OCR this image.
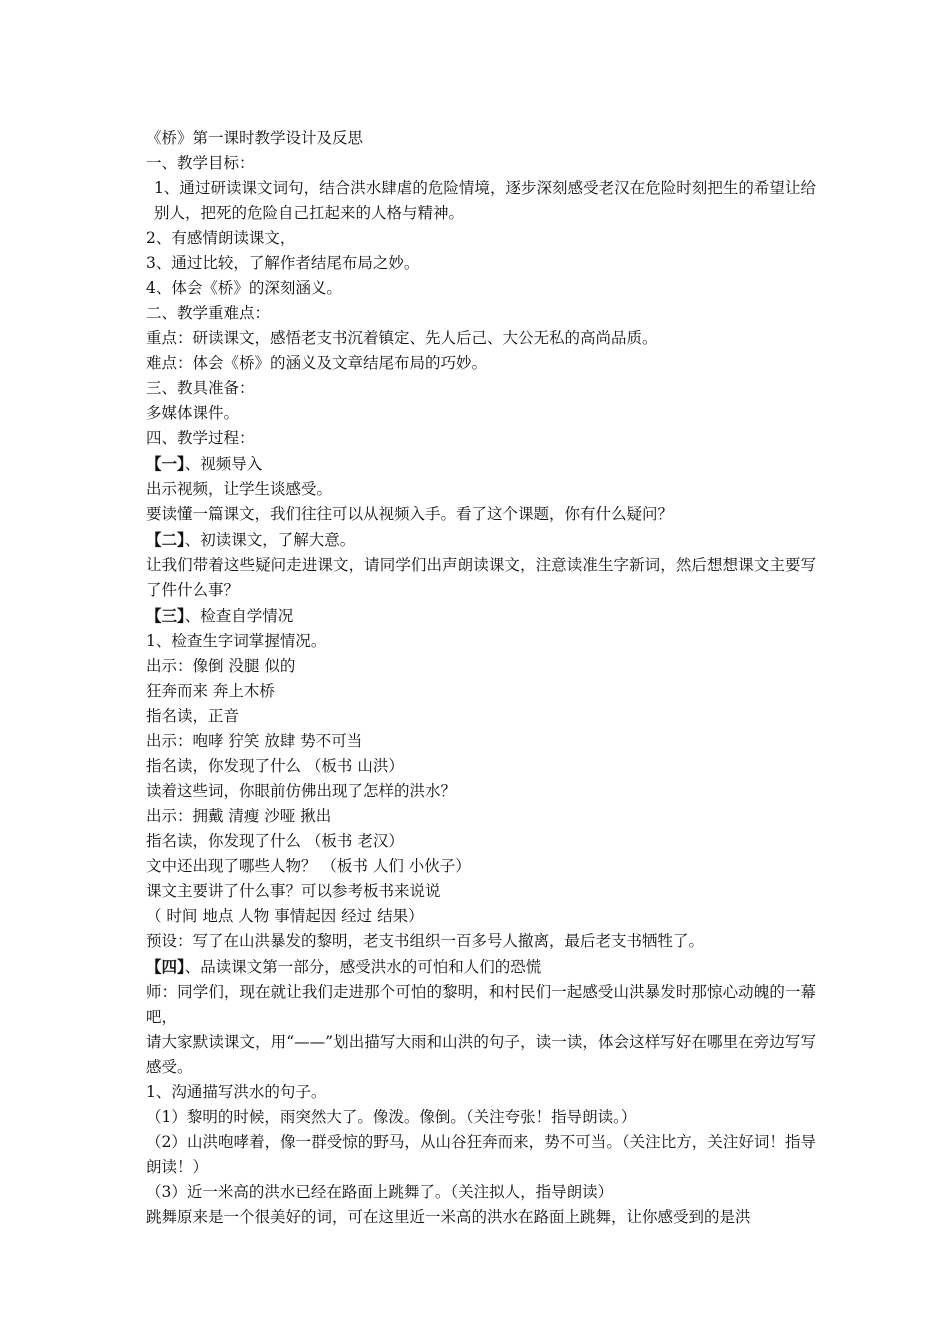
《桥》第一课时教学设计及反思

一、教学目标：

1、通过研读课文词句，结合洪水肆虐的危险情境，逐步深刻感受老汉在危险时刻把生的希望让给别人，把死的危险自己扛起来的人格与精神。

2、有感情朗读课文，

3、通过比较，了解作者结尾布局之妙。

4、体会《桥》的深刻涵义。

二、教学重难点：

重点：研读课文，感悟老支书沉着镇定、先人后己、大公无私的高尚品质。

难点：体会《桥》的涵义及文章结尾布局的巧妙。

三、教具准备：

多媒体课件。

四、教学过程：

【一】、视频导入

出示视频，让学生谈感受。

要读懂一篇课文，我们往往可以从视频入手。看了这个课题，你有什么疑问？

【二】、初读课文，了解大意。

让我们带着这些疑问走进课文，请同学们出声朗读课文，注意读准生字新词，然后想想课文主要写了件什么事？

【三】、检查自学情况

1、检查生字词掌握情况。

出示：像倒 没腿 似的

狂奔而来 奔上木桥

指名读，正音

出示：咆哮 狞笑 放肆 势不可当

指名读，你发现了什么 （板书 山洪）

读着这些词，你眼前仿佛出现了怎样的洪水？

出示：拥戴 清瘦 沙哑 揪出

指名读，你发现了什么 （板书 老汉）

文中还出现了哪些人物？ （板书 人们 小伙子）

课文主要讲了什么事？可以参考板书来说说

（ 时间 地点 人物 事情起因 经过 结果）

预设：写了在山洪暴发的黎明，老支书组织一百多号人撤离，最后老支书牺牲了。

【四】、品读课文第一部分，感受洪水的可怕和人们的恐慌

师：同学们，现在就让我们走进那个可怕的黎明，和村民们一起感受山洪暴发时那惊心动魄的一幕吧，

请大家默读课文，用“——”划出描写大雨和山洪的句子，读一读，体会这样写好在哪里在旁边写写感受。

1、沟通描写洪水的句子。

（1）黎明的时候，雨突然大了。像泼。像倒。（关注夸张！指导朗读。）

（2）山洪咆哮着，像一群受惊的野马，从山谷狂奔而来，势不可当。（关注比方，关注好词！指导朗读！）

（3）近一米高的洪水已经在路面上跳舞了。（关注拟人，指导朗读）

跳舞原来是一个很美好的词，可在这里近一米高的洪水在路面上跳舞，让你感受到的是洪
